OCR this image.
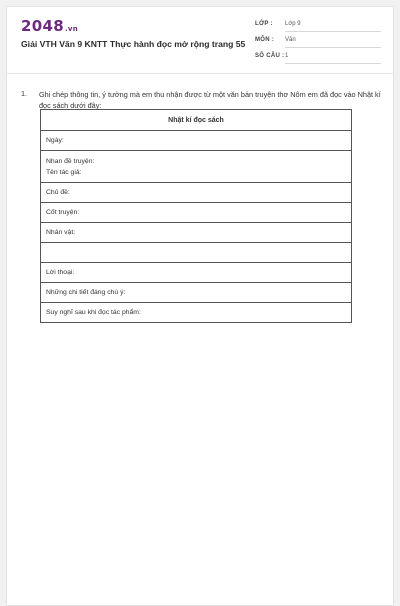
2048.vn
Giải VTH Văn 9 KNTT Thực hành đọc mở rộng trang 55
LỚP : Lớp 9
MÔN : Văn
SỐ CÂU : 1
1. Ghi chép thông tin, ý tưởng mà em thu nhận được từ một văn bản truyện thơ Nôm em đã đọc vào Nhật kí đọc sách dưới đây:
Nhật kí đọc sách
Ngày:

Nhan đề truyện:
Tên tác giả:

Chủ đề:
Cốt truyện:
Nhân vật:

Lời thoại:
Những chi tiết đáng chú ý:
Suy nghĩ sau khi đọc tác phẩm:
